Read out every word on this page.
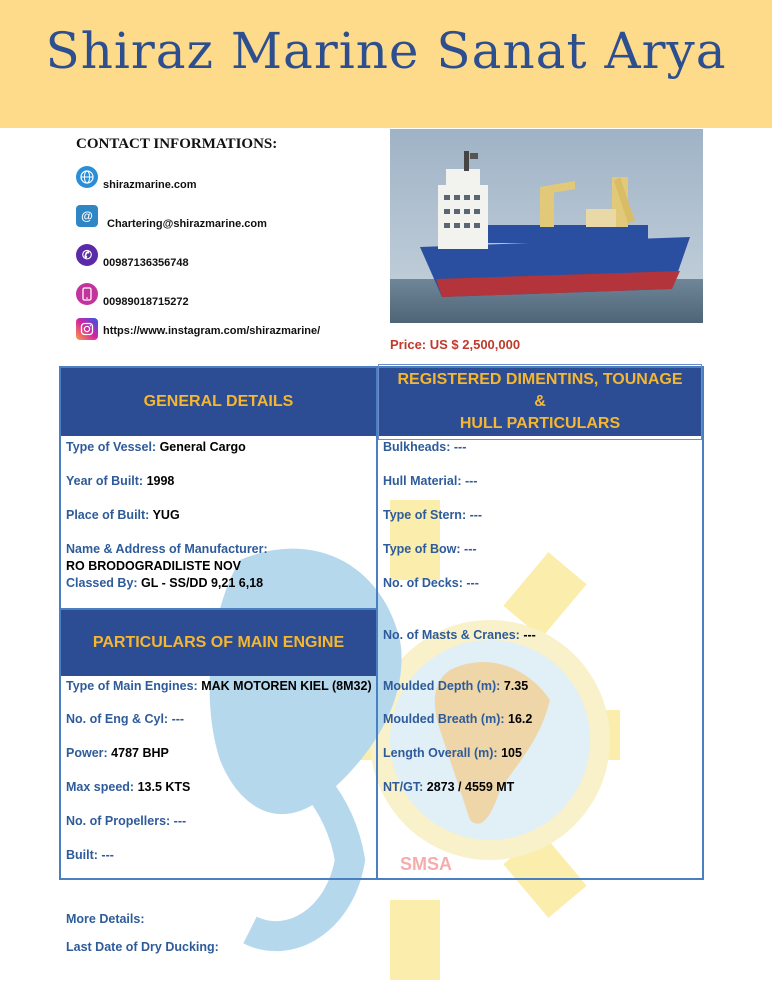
Shiraz Marine Sanat Arya
CONTACT INFORMATIONS:
shirazmarine.com
@
Chartering@shirazmarine.com
✆
00987136356748
00989018715272
https://www.instagram.com/shirazmarine/
Price: US $ 2,500,000
SMSA
GENERAL DETAILS
REGISTERED DIMENTINS, TOUNAGE &
HULL PARTICULARS
PARTICULARS OF MAIN ENGINE
Type of Vessel: General Cargo
Year of Built: 1998
Place of Built: YUG
Name & Address of Manufacturer:
RO BRODOGRADILISTE NOV
Classed By: GL - SS/DD 9,21 6,18
Type of Main Engines: MAK MOTOREN KIEL (8M32)
No. of Eng & Cyl: ---
Power: 4787 BHP
Max speed: 13.5 KTS
No. of Propellers: ---
Built: ---
Bulkheads: ---
Hull Material: ---
Type of Stern: ---
Type of Bow: ---
No. of Decks: ---
No. of Masts & Cranes: ---
Moulded Depth (m): 7.35
Moulded Breath (m): 16.2
Length Overall (m): 105
NT/GT: 2873 / 4559 MT
More Details:
Last Date of Dry Ducking:
